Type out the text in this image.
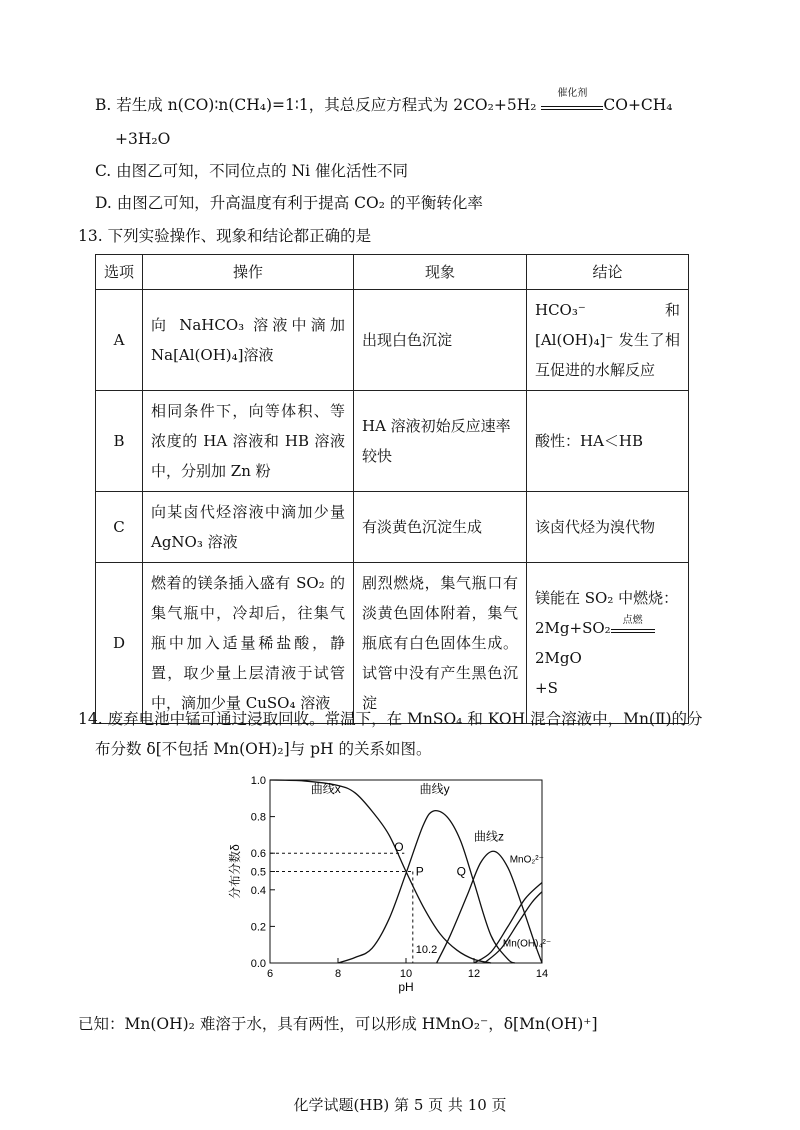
B. 若生成 n(CO)∶n(CH₄)=1∶1，其总反应方程式为 2CO₂+5H₂
催化剂
CO+CH₄
+3H₂O
C. 由图乙可知，不同位点的 Ni 催化活性不同
D. 由图乙可知，升高温度有利于提高 CO₂ 的平衡转化率
13. 下列实验操作、现象和结论都正确的是
选项	操作	现象	结论
A	向 NaHCO₃ 溶液中滴加 Na[Al(OH)₄]溶液	出现白色沉淀	HCO₃⁻ 和[Al(OH)₄]⁻ 发生了相互促进的水解反应
B	相同条件下，向等体积、等浓度的 HA 溶液和 HB 溶液中，分别加 Zn 粉	HA 溶液初始反应速率较快	酸性：HA＜HB
C	向某卤代烃溶液中滴加少量 AgNO₃ 溶液	有淡黄色沉淀生成	该卤代烃为溴代物
D	燃着的镁条插入盛有 SO₂ 的集气瓶中，冷却后，往集气瓶中加入适量稀盐酸，静置，取少量上层清液于试管中，滴加少量 CuSO₄ 溶液	剧烈燃烧，集气瓶口有淡黄色固体附着，集气瓶底有白色固体生成。试管中没有产生黑色沉淀	镁能在 SO₂ 中燃烧：
2Mg+SO₂ 点燃
2MgO
+S
14. 废弃电池中锰可通过浸取回收。常温下，在 MnSO₄ 和 KOH 混合溶液中，Mn(Ⅱ)的分
布分数 δ[不包括 Mn(OH)₂]与 pH 的关系如图。
6	8	10	12	14
0.0
0.2
0.4
0.5
0.6
0.8
1.0
pH
分布分数δ
曲线x	曲线y
曲线z
MnO₂²⁻
Mn(OH)₄²⁻
O
P	Q
10.2
已知：Mn(OH)₂ 难溶于水，具有两性，可以形成 HMnO₂⁻，δ[Mn(OH)⁺]
化学试题(HB) 第 5 页 共 10 页
